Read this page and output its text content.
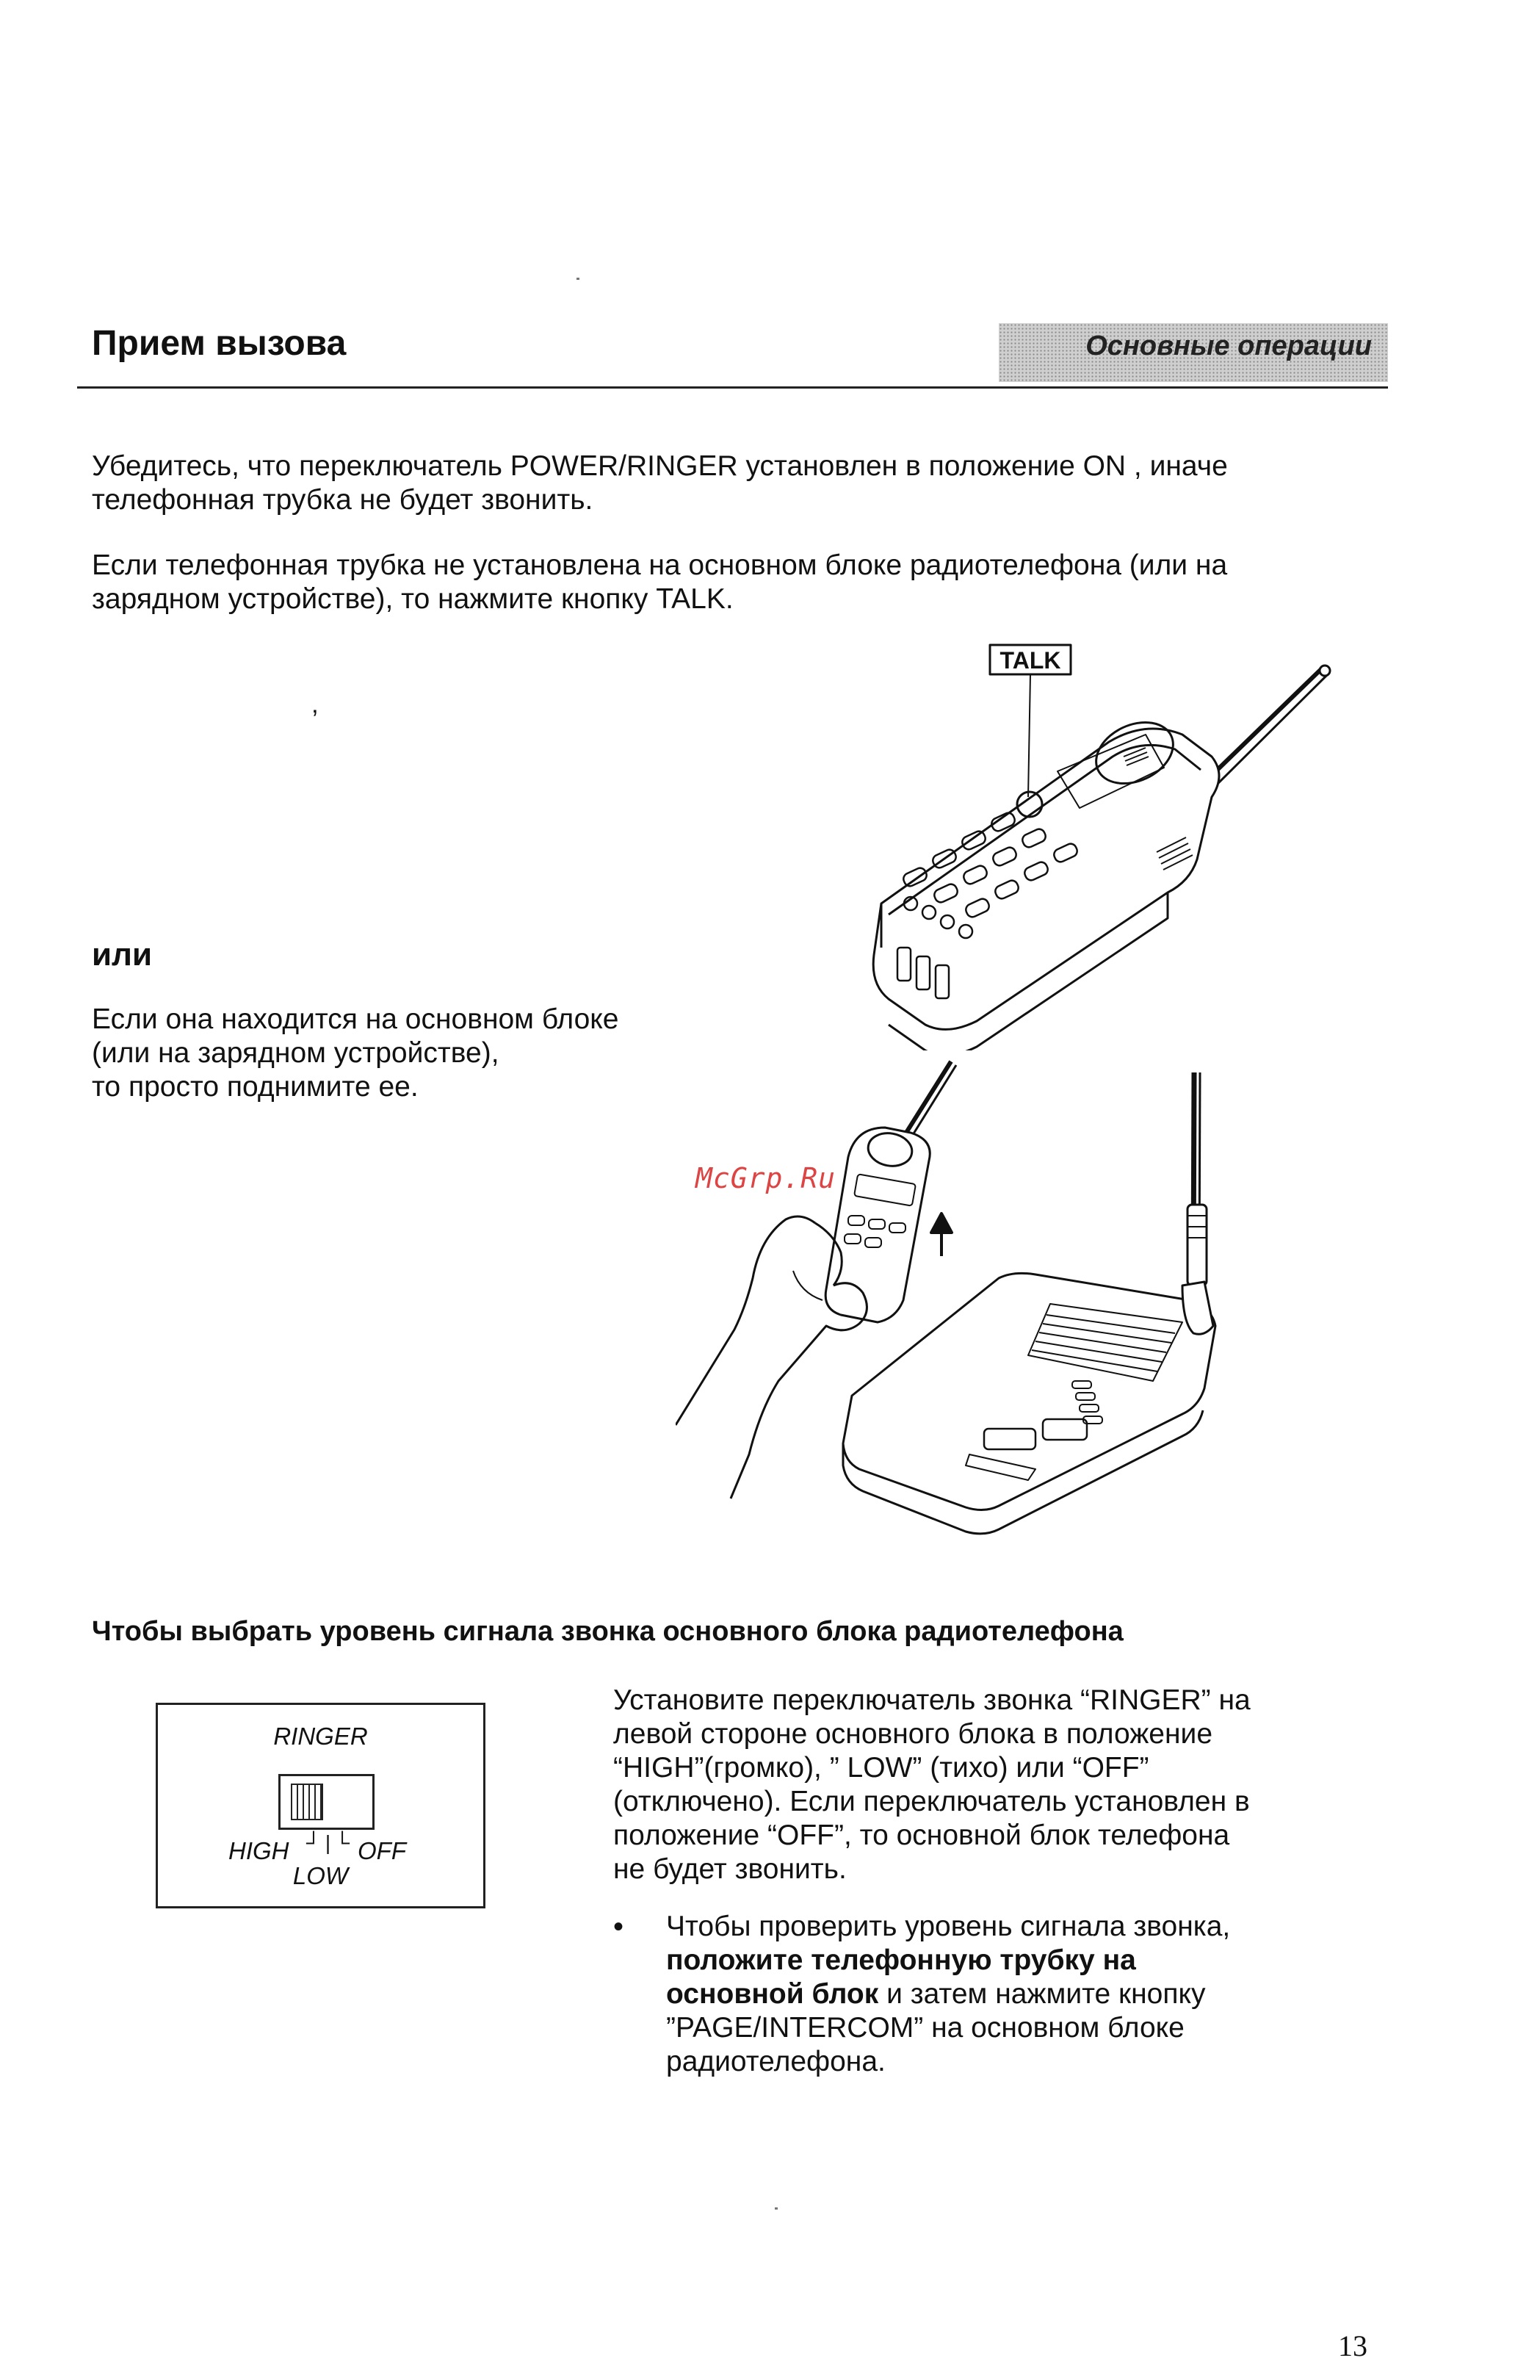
Прием вызова	Основные операции
Убедитесь, что переключатель POWER/RINGER установлен в положение ON , иначе
телефонная трубка не будет звонить.
Если телефонная трубка не установлена на основном блоке радиотелефона (или на
зарядном устройстве), то нажмите кнопку TALK.
ʼ
TALK
или
Если она находится на основном блоке
(или на зарядном устройстве),
то просто поднимите ее.
McGrp.Ru
Чтобы выбрать уровень сигнала звонка основного блока радиотелефона
RINGER
HIGH ┘|└ OFF
LOW
Установите переключатель звонка “RINGER” на
левой стороне основного блока в положение
“HIGH”(громко), ” LOW” (тихо) или “OFF”
(отключено). Если переключатель установлен в
положение “OFF”, то основной блок телефона
не будет звонить.
• Чтобы проверить уровень сигнала звонка,
положите телефонную трубку на
основной блок и затем нажмите кнопку
”PAGE/INTERCOM” на основном блоке
радиотелефона.
13
